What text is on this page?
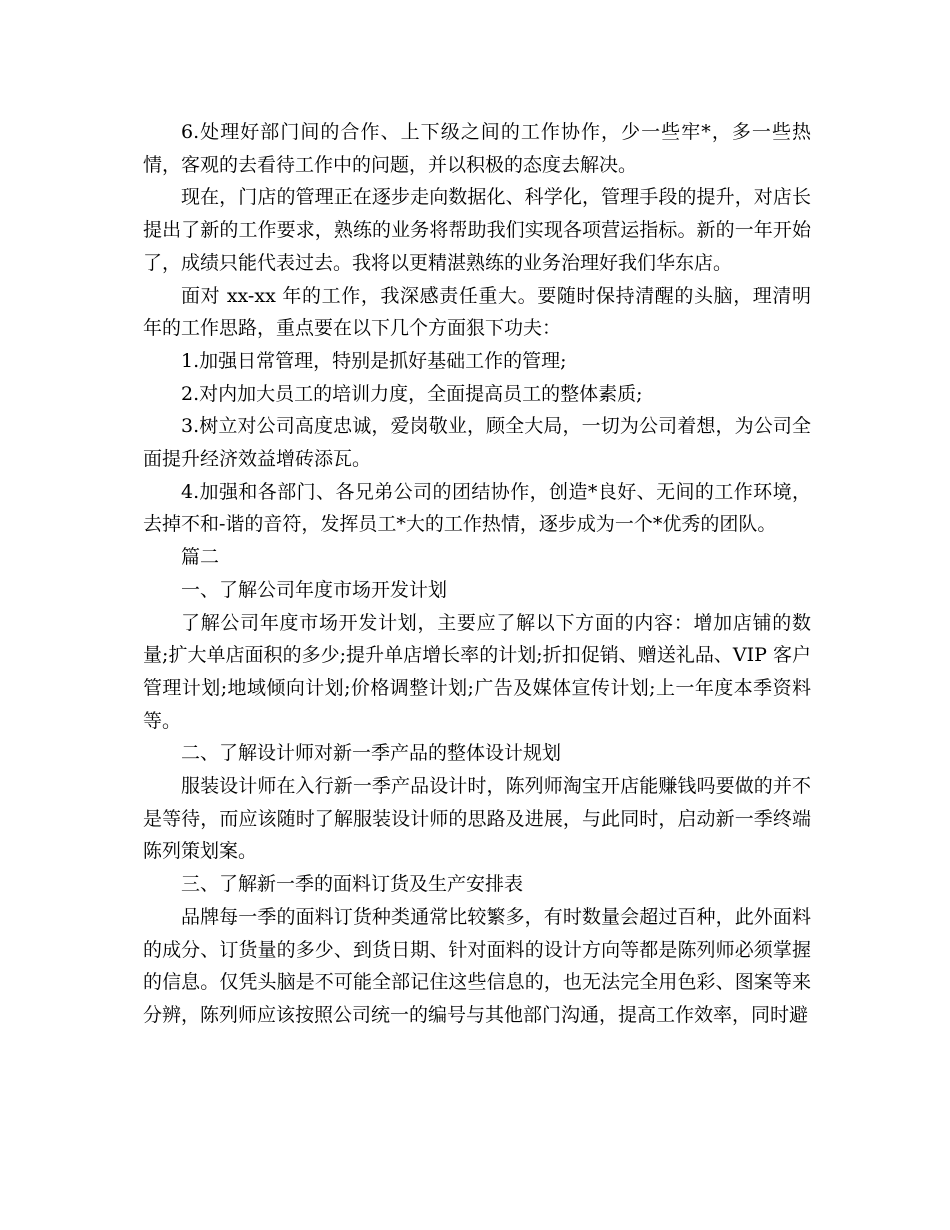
6.处理好部门间的合作、上下级之间的工作协作，少一些牢*，多一些热情，客观的去看待工作中的问题，并以积极的态度去解决。

现在，门店的管理正在逐步走向数据化、科学化，管理手段的提升，对店长提出了新的工作要求，熟练的业务将帮助我们实现各项营运指标。新的一年开始了，成绩只能代表过去。我将以更精湛熟练的业务治理好我们华东店。

面对 xx-xx 年的工作，我深感责任重大。要随时保持清醒的头脑，理清明年的工作思路，重点要在以下几个方面狠下功夫：

1.加强日常管理，特别是抓好基础工作的管理;

2.对内加大员工的培训力度，全面提高员工的整体素质;

3.树立对公司高度忠诚，爱岗敬业，顾全大局，一切为公司着想，为公司全面提升经济效益增砖添瓦。

4.加强和各部门、各兄弟公司的团结协作，创造*良好、无间的工作环境，去掉不和-谐的音符，发挥员工*大的工作热情，逐步成为一个*优秀的团队。

篇二

一、了解公司年度市场开发计划

了解公司年度市场开发计划，主要应了解以下方面的内容：增加店铺的数量;扩大单店面积的多少;提升单店增长率的计划;折扣促销、赠送礼品、VIP 客户管理计划;地域倾向计划;价格调整计划;广告及媒体宣传计划;上一年度本季资料等。

二、了解设计师对新一季产品的整体设计规划

服装设计师在入行新一季产品设计时，陈列师淘宝开店能赚钱吗要做的并不是等待，而应该随时了解服装设计师的思路及进展，与此同时，启动新一季终端陈列策划案。

三、了解新一季的面料订货及生产安排表

品牌每一季的面料订货种类通常比较繁多，有时数量会超过百种，此外面料的成分、订货量的多少、到货日期、针对面料的设计方向等都是陈列师必须掌握的信息。仅凭头脑是不可能全部记住这些信息的，也无法完全用色彩、图案等来分辨，陈列师应该按照公司统一的编号与其他部门沟通，提高工作效率，同时避
